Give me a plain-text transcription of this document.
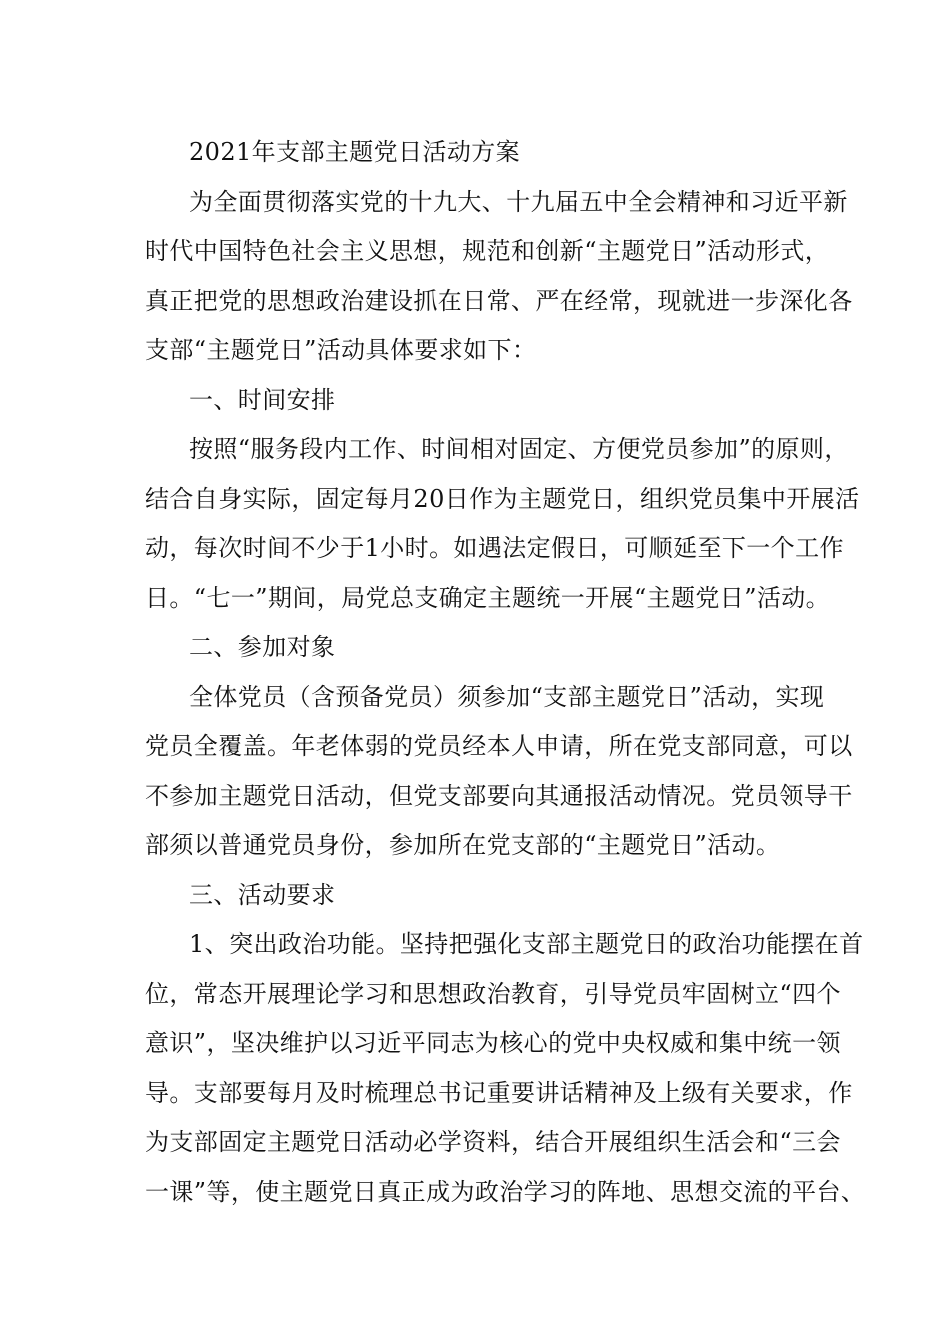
2021年支部主题党日活动方案

为全面贯彻落实党的十九大、十九届五中全会精神和习近平新
时代中国特色社会主义思想，规范和创新“主题党日”活动形式，
真正把党的思想政治建设抓在日常、严在经常，现就进一步深化各
支部“主题党日”活动具体要求如下：

一、时间安排

按照“服务段内工作、时间相对固定、方便党员参加”的原则，
结合自身实际，固定每月20日作为主题党日，组织党员集中开展活
动，每次时间不少于1小时。如遇法定假日，可顺延至下一个工作
日。“七一”期间，局党总支确定主题统一开展“主题党日”活动。

二、参加对象

全体党员（含预备党员）须参加“支部主题党日”活动，实现
党员全覆盖。年老体弱的党员经本人申请，所在党支部同意，可以
不参加主题党日活动，但党支部要向其通报活动情况。党员领导干
部须以普通党员身份，参加所在党支部的“主题党日”活动。

三、活动要求

1、突出政治功能。坚持把强化支部主题党日的政治功能摆在首
位，常态开展理论学习和思想政治教育，引导党员牢固树立“四个
意识”，坚决维护以习近平同志为核心的党中央权威和集中统一领
导。支部要每月及时梳理总书记重要讲话精神及上级有关要求，作
为支部固定主题党日活动必学资料，结合开展组织生活会和“三会
一课”等，使主题党日真正成为政治学习的阵地、思想交流的平台、
